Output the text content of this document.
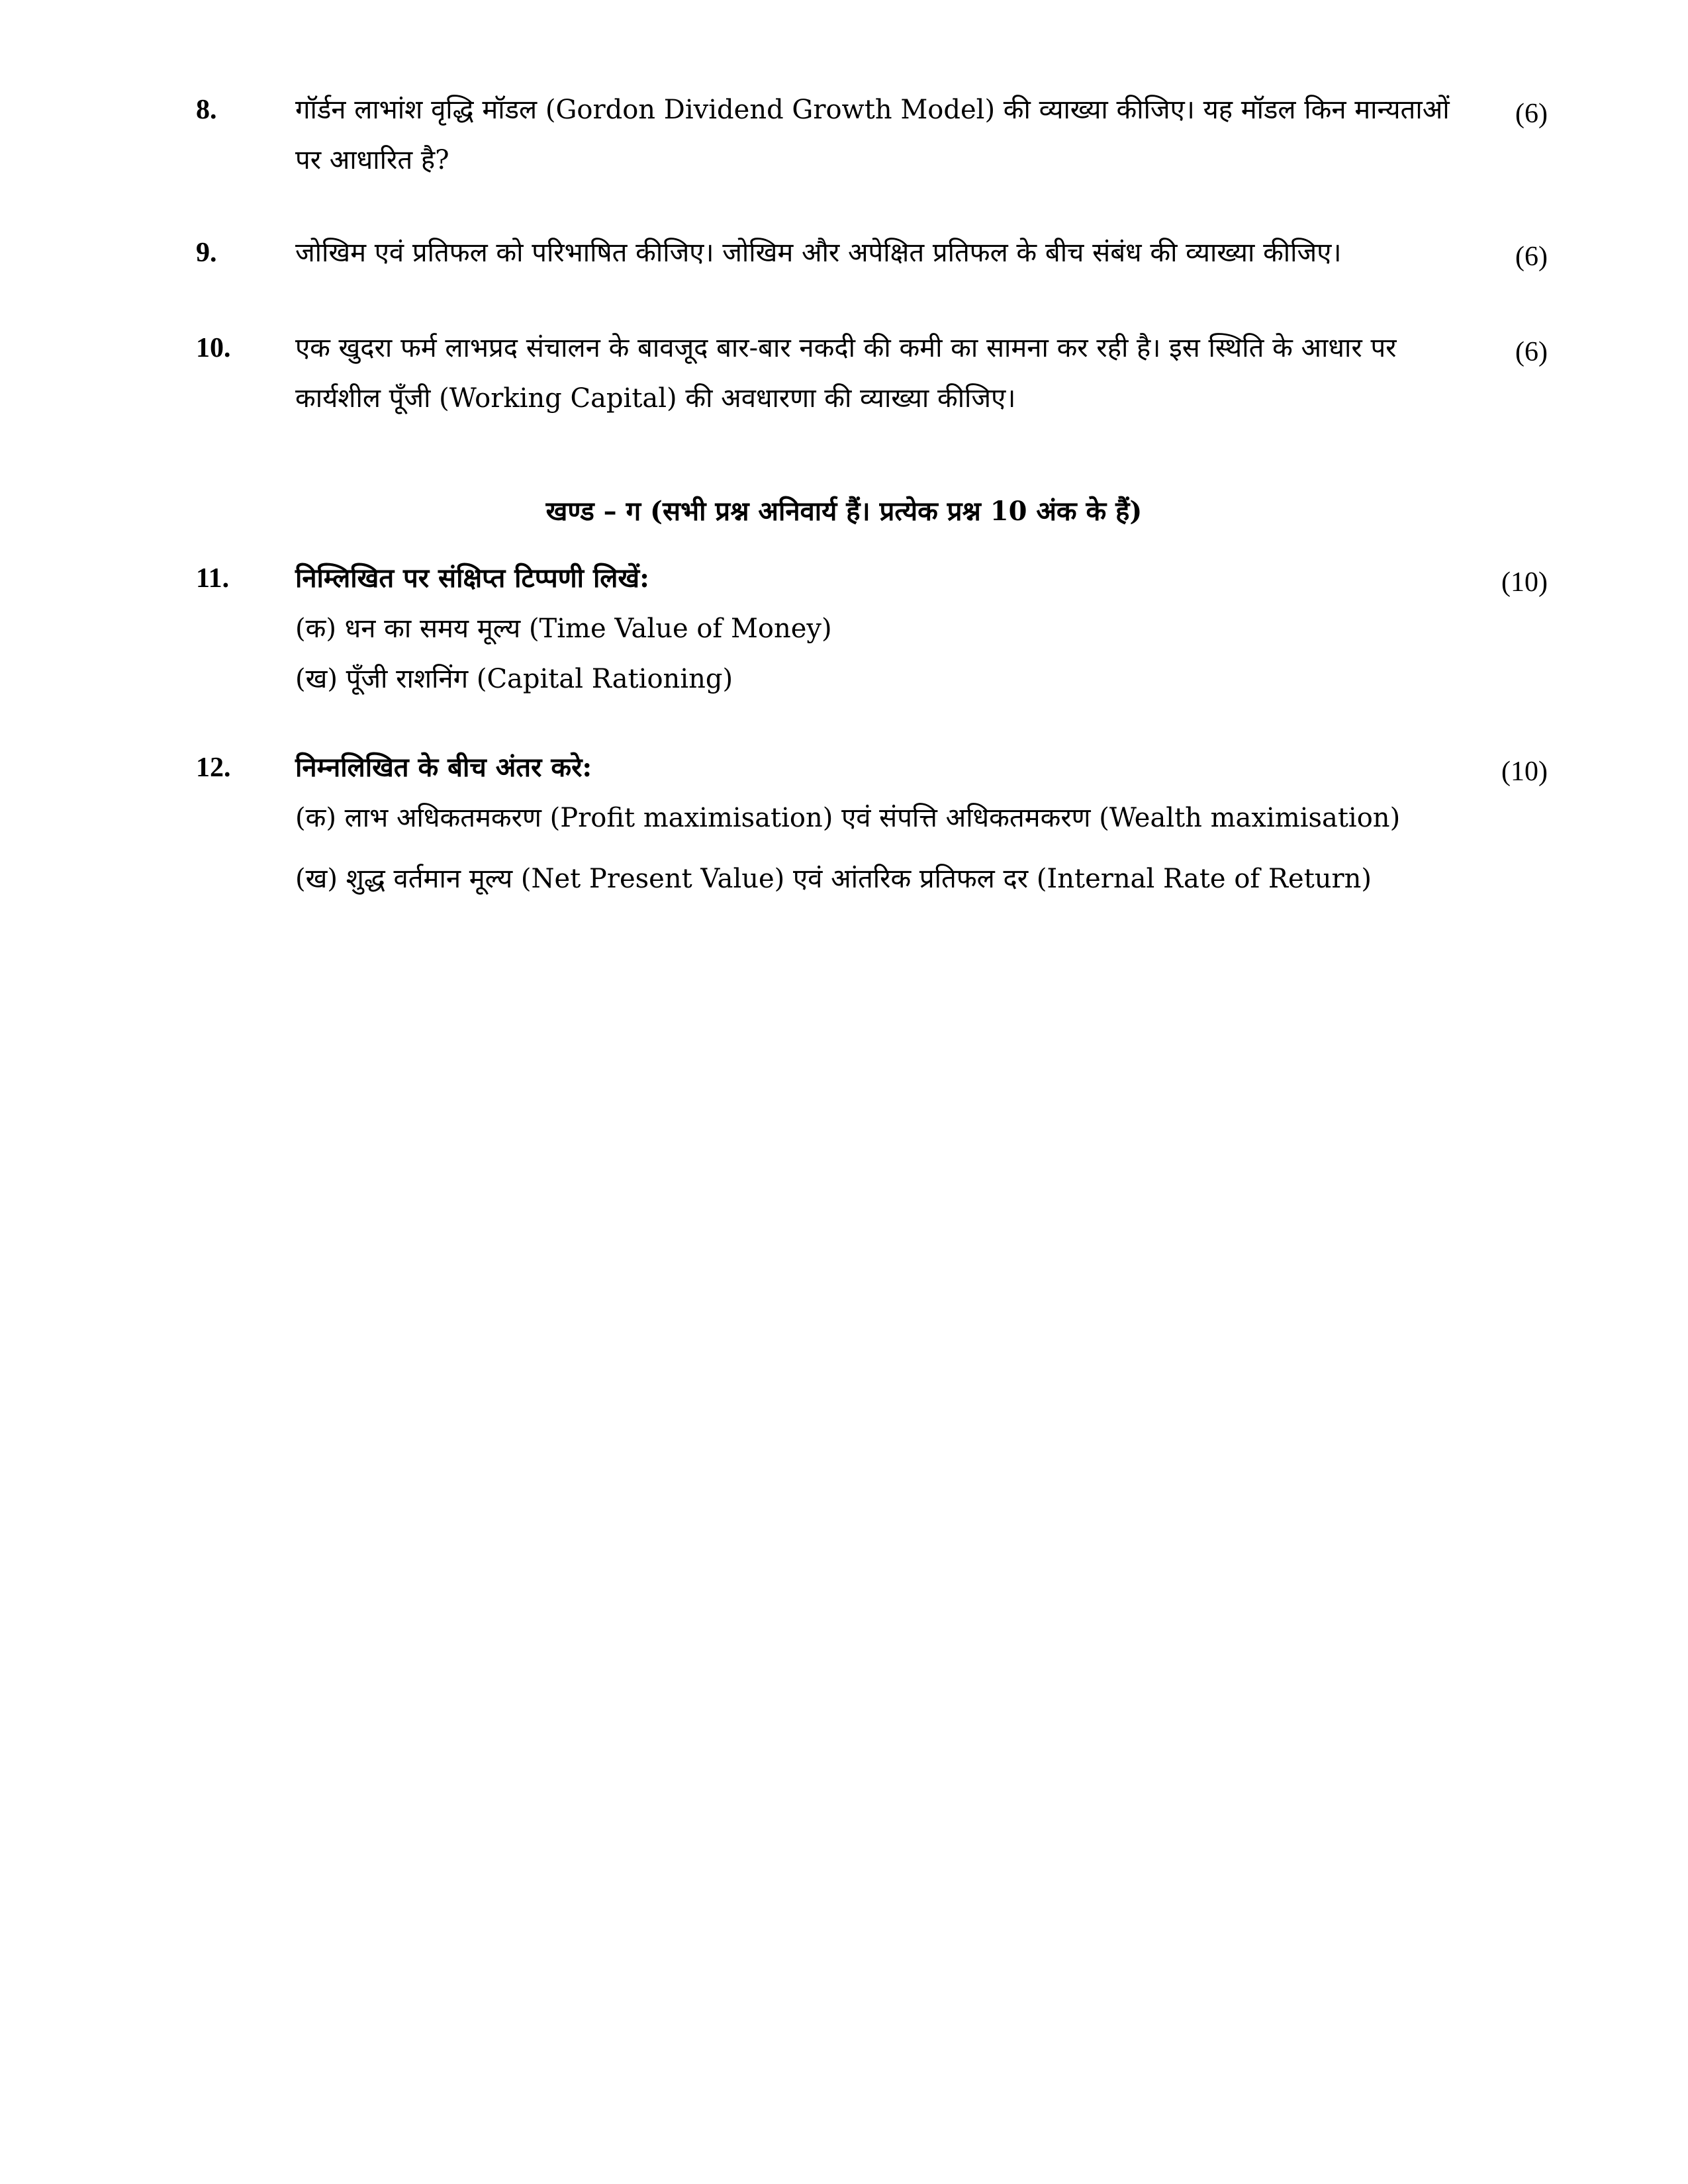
8.	गॉर्डन लाभांश वृद्धि मॉडल (Gordon Dividend Growth Model) की व्याख्या कीजिए। यह मॉडल किन मान्यताओं
पर आधारित है?
(6)
9.	जोखिम एवं प्रतिफल को परिभाषित कीजिए। जोखिम और अपेक्षित प्रतिफल के बीच संबंध की व्याख्या कीजिए।	(6)
10. एक खुदरा फर्म लाभप्रद संचालन के बावजूद बार-बार नकदी की कमी का सामना कर रही है। इस स्थिति के आधार पर
कार्यशील पूँजी (Working Capital) की अवधारणा की व्याख्या कीजिए।
(6)
खण्ड – ग (सभी प्रश्न अनिवार्य हैं। प्रत्येक प्रश्न 10 अंक के हैं)
11. निम्लिखित पर संक्षिप्त टिप्पणी लिखें:	(10)
(क) धन का समय मूल्य (Time Value of Money)
(ख) पूँजी राशनिंग (Capital Rationing)
12. निम्नलिखित के बीच अंतर करे:	(10)
(क) लाभ अधिकतमकरण (Profit maximisation) एवं संपत्ति अधिकतमकरण (Wealth maximisation)
(ख) शुद्ध वर्तमान मूल्य (Net Present Value) एवं आंतरिक प्रतिफल दर (Internal Rate of Return)
